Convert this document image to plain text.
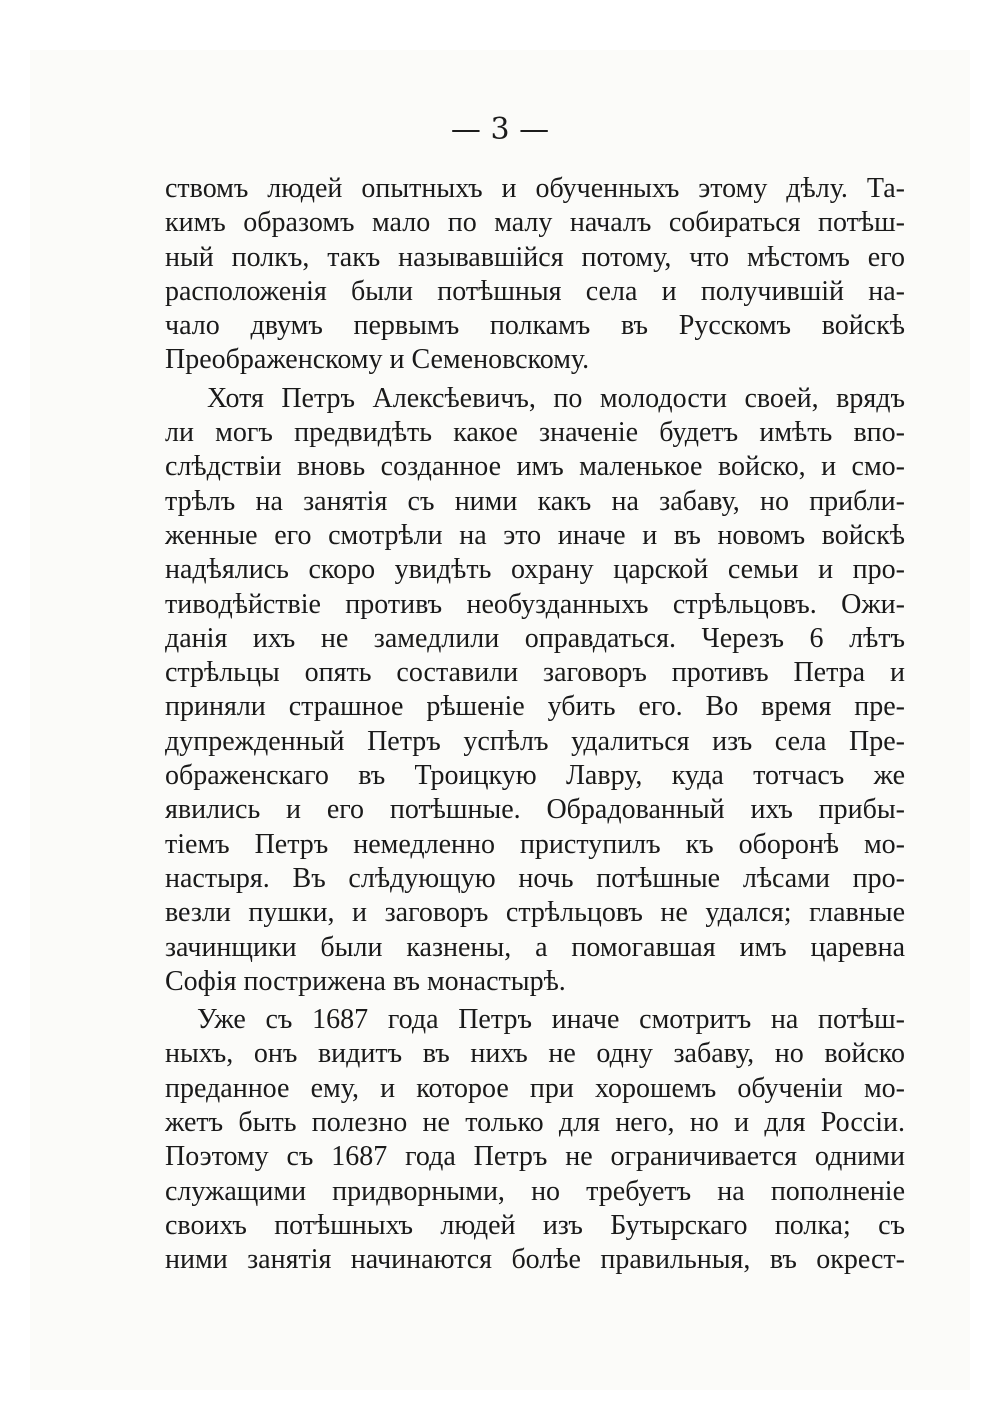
— 3 —
ствомъ людей опытныхъ и обученныхъ этому дѣлу. Та-
кимъ образомъ мало по малу началъ собираться потѣш-
ный полкъ, такъ называвшійся потому, что мѣстомъ его
расположенія были потѣшныя села и получившій на-
чало двумъ первымъ полкамъ въ Русскомъ войскѣ
Преображенскому и Семеновскому.
Хотя Петръ Алексѣевичъ, по молодости своей, врядъ
ли могъ предвидѣть какое значеніе будетъ имѣть впо-
слѣдствіи вновь созданное имъ маленькое войско, и смо-
трѣлъ на занятія съ ними какъ на забаву, но прибли-
женные его смотрѣли на это иначе и въ новомъ войскѣ
надѣялись скоро увидѣть охрану царской семьи и про-
тиводѣйствіе противъ необузданныхъ стрѣльцовъ. Ожи-
данія ихъ не замедлили оправдаться. Черезъ 6 лѣтъ
стрѣльцы опять составили заговоръ противъ Петра и
приняли страшное рѣшеніе убить его. Во время пре-
дупрежденный Петръ успѣлъ удалиться изъ села Пре-
ображенскаго въ Троицкую Лавру, куда тотчасъ же
явились и его потѣшные. Обрадованный ихъ прибы-
тіемъ Петръ немедленно приступилъ къ оборонѣ мо-
настыря. Въ слѣдующую ночь потѣшные лѣсами про-
везли пушки, и заговоръ стрѣльцовъ не удался; главные
зачинщики были казнены, а помогавшая имъ царевна
Софія пострижена въ монастырѣ.
Уже съ 1687 года Петръ иначе смотритъ на потѣш-
ныхъ, онъ видитъ въ нихъ не одну забаву, но войско
преданное ему, и которое при хорошемъ обученіи мо-
жетъ быть полезно не только для него, но и для Россіи.
Поэтому съ 1687 года Петръ не ограничивается одними
служащими придворными, но требуетъ на пополненіе
своихъ потѣшныхъ людей изъ Бутырскаго полка; съ
ними занятія начинаются болѣе правильныя, въ окрест-
